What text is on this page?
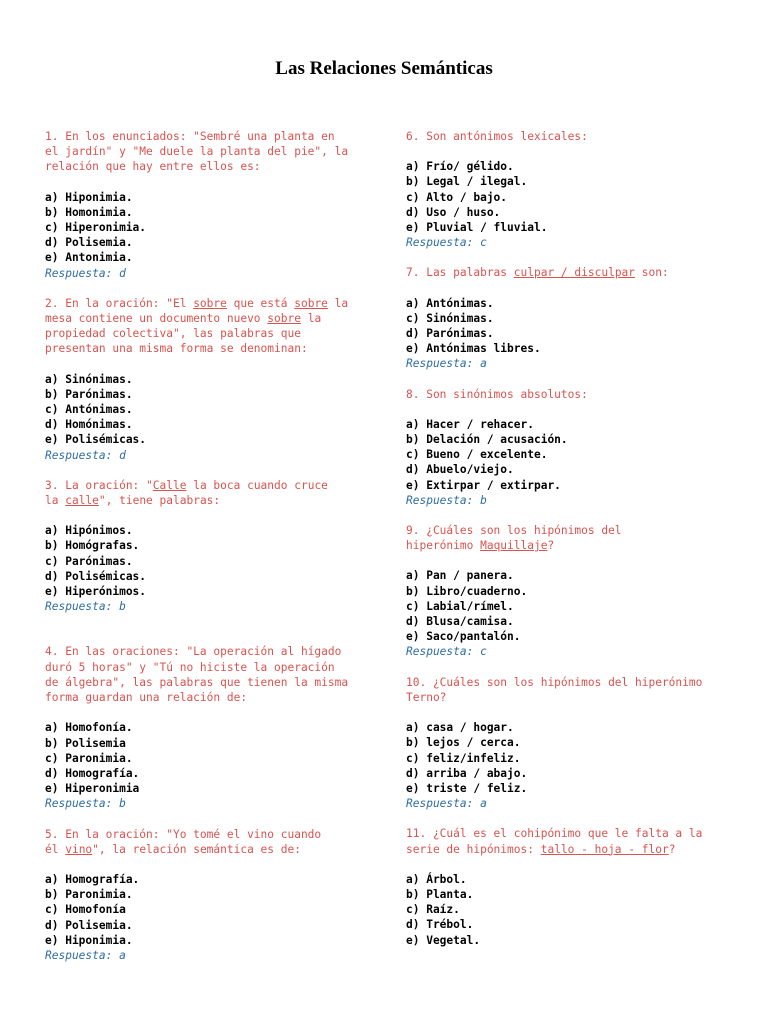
Las Relaciones Semánticas
1. En los enunciados: "Sembré una planta en
el jardín" y "Me duele la planta del pie", la
relación que hay entre ellos es:
a) Hiponimia.
b) Homonimia.
c) Hiperonimia.
d) Polisemia.
e) Antonimia.
Respuesta: d
2. En la oración: "El sobre que está sobre la
mesa contiene un documento nuevo sobre la
propiedad colectiva", las palabras que
presentan una misma forma se denominan:
a) Sinónimas.
b) Parónimas.
c) Antónimas.
d) Homónimas.
e) Polisémicas.
Respuesta: d
3. La oración: "Calle la boca cuando cruce
la calle", tiene palabras:
a) Hipónimos.
b) Homógrafas.
c) Parónimas.
d) Polisémicas.
e) Hiperónimos.
Respuesta: b
4. En las oraciones: "La operación al hígado
duró 5 horas" y "Tú no hiciste la operación
de álgebra", las palabras que tienen la misma
forma guardan una relación de:
a) Homofonía.
b) Polisemia
c) Paronimia.
d) Homografía.
e) Hiperonimia
Respuesta: b
5. En la oración: "Yo tomé el vino cuando
él vino", la relación semántica es de:
a) Homografía.
b) Paronimia.
c) Homofonía
d) Polisemia.
e) Hiponimia.
Respuesta: a
6. Son antónimos lexicales:
a) Frío/ gélido.
b) Legal / ilegal.
c) Alto / bajo.
d) Uso / huso.
e) Pluvial / fluvial.
Respuesta: c
7. Las palabras culpar / disculpar son:
a) Antónimas.
c) Sinónimas.
d) Parónimas.
e) Antónimas libres.
Respuesta: a
8. Son sinónimos absolutos:
a) Hacer / rehacer.
b) Delación / acusación.
c) Bueno / excelente.
d) Abuelo/viejo.
e) Extirpar / extirpar.
Respuesta: b
9. ¿Cuáles son los hipónimos del
hiperónimo Maquillaje?
a) Pan / panera.
b) Libro/cuaderno.
c) Labial/rímel.
d) Blusa/camisa.
e) Saco/pantalón.
Respuesta: c
10. ¿Cuáles son los hipónimos del hiperónimo
Terno?
a) casa / hogar.
b) lejos / cerca.
c) feliz/infeliz.
d) arriba / abajo.
e) triste / feliz.
Respuesta: a
11. ¿Cuál es el cohipónimo que le falta a la
serie de hipónimos: tallo - hoja - flor?
a) Árbol.
b) Planta.
c) Raíz.
d) Trébol.
e) Vegetal.
